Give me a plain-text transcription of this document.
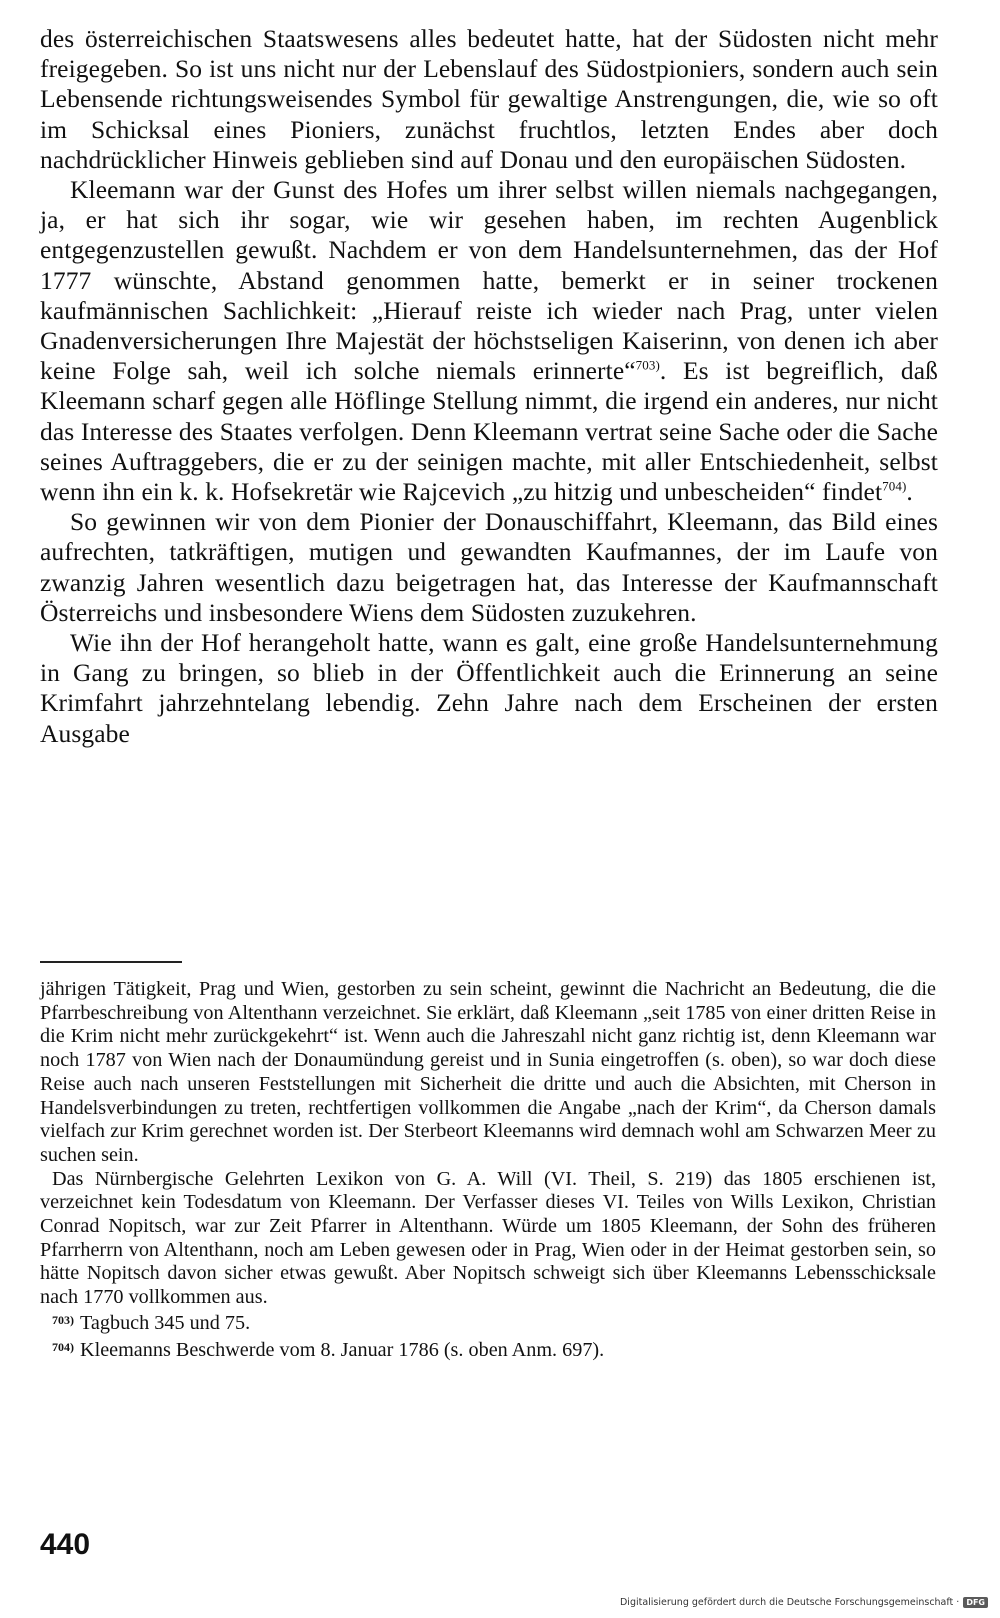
des österreichischen Staatswesens alles bedeutet hatte, hat der Südosten nicht mehr freigegeben. So ist uns nicht nur der Lebenslauf des Südostpioniers, sondern auch sein Lebensende richtungsweisendes Symbol für gewaltige Anstrengungen, die, wie so oft im Schicksal eines Pioniers, zunächst fruchtlos, letzten Endes aber doch nachdrücklicher Hinweis geblieben sind auf Donau und den europäischen Südosten.

Kleemann war der Gunst des Hofes um ihrer selbst willen niemals nachgegangen, ja, er hat sich ihr sogar, wie wir gesehen haben, im rechten Augenblick entgegenzustellen gewußt. Nachdem er von dem Handelsunternehmen, das der Hof 1777 wünschte, Abstand genommen hatte, bemerkt er in seiner trockenen kaufmännischen Sachlichkeit: „Hierauf reiste ich wieder nach Prag, unter vielen Gnadenversicherungen Ihre Majestät der höchstseligen Kaiserinn, von denen ich aber keine Folge sah, weil ich solche niemals erinnerte“$^{703)}$. Es ist begreiflich, daß Kleemann scharf gegen alle Höflinge Stellung nimmt, die irgend ein anderes, nur nicht das Interesse des Staates verfolgen. Denn Kleemann vertrat seine Sache oder die Sache seines Auftraggebers, die er zu der seinigen machte, mit aller Entschiedenheit, selbst wenn ihn ein k. k. Hofsekretär wie Rajcevich „zu hitzig und unbescheiden“ findet$^{704)}$.

So gewinnen wir von dem Pionier der Donauschiffahrt, Kleemann, das Bild eines aufrechten, tatkräftigen, mutigen und gewandten Kaufmannes, der im Laufe von zwanzig Jahren wesentlich dazu beigetragen hat, das Interesse der Kaufmannschaft Österreichs und insbesondere Wiens dem Südosten zuzukehren.

Wie ihn der Hof herangeholt hatte, wann es galt, eine große Handelsunternehmung in Gang zu bringen, so blieb in der Öffentlichkeit auch die Erinnerung an seine Krimfahrt jahrzehntelang lebendig. Zehn Jahre nach dem Erscheinen der ersten Ausgabe

jährigen Tätigkeit, Prag und Wien, gestorben zu sein scheint, gewinnt die Nachricht an Bedeutung, die die Pfarrbeschreibung von Altenthann verzeichnet. Sie erklärt, daß Kleemann „seit 1785 von einer dritten Reise in die Krim nicht mehr zurückgekehrt“ ist. Wenn auch die Jahreszahl nicht ganz richtig ist, denn Kleemann war noch 1787 von Wien nach der Donaumündung gereist und in Sunia eingetroffen (s. oben), so war doch diese Reise auch nach unseren Feststellungen mit Sicherheit die dritte und auch die Absichten, mit Cherson in Handelsverbindungen zu treten, rechtfertigen vollkommen die Angabe „nach der Krim“, da Cherson damals vielfach zur Krim gerechnet worden ist. Der Sterbeort Kleemanns wird demnach wohl am Schwarzen Meer zu suchen sein.

Das Nürnbergische Gelehrten Lexikon von G. A. Will (VI. Theil, S. 219) das 1805 erschienen ist, verzeichnet kein Todesdatum von Kleemann. Der Verfasser dieses VI. Teiles von Wills Lexikon, Christian Conrad Nopitsch, war zur Zeit Pfarrer in Altenthann. Würde um 1805 Kleemann, der Sohn des früheren Pfarrherrn von Altenthann, noch am Leben gewesen oder in Prag, Wien oder in der Heimat gestorben sein, so hätte Nopitsch davon sicher etwas gewußt. Aber Nopitsch schweigt sich über Kleemanns Lebensschicksale nach 1770 vollkommen aus.

703) Tagbuch 345 und 75.
704) Kleemanns Beschwerde vom 8. Januar 1786 (s. oben Anm. 697).
440
Digitalisierung gefördert durch die Deutsche Forschungsgemeinschaft · DFG
